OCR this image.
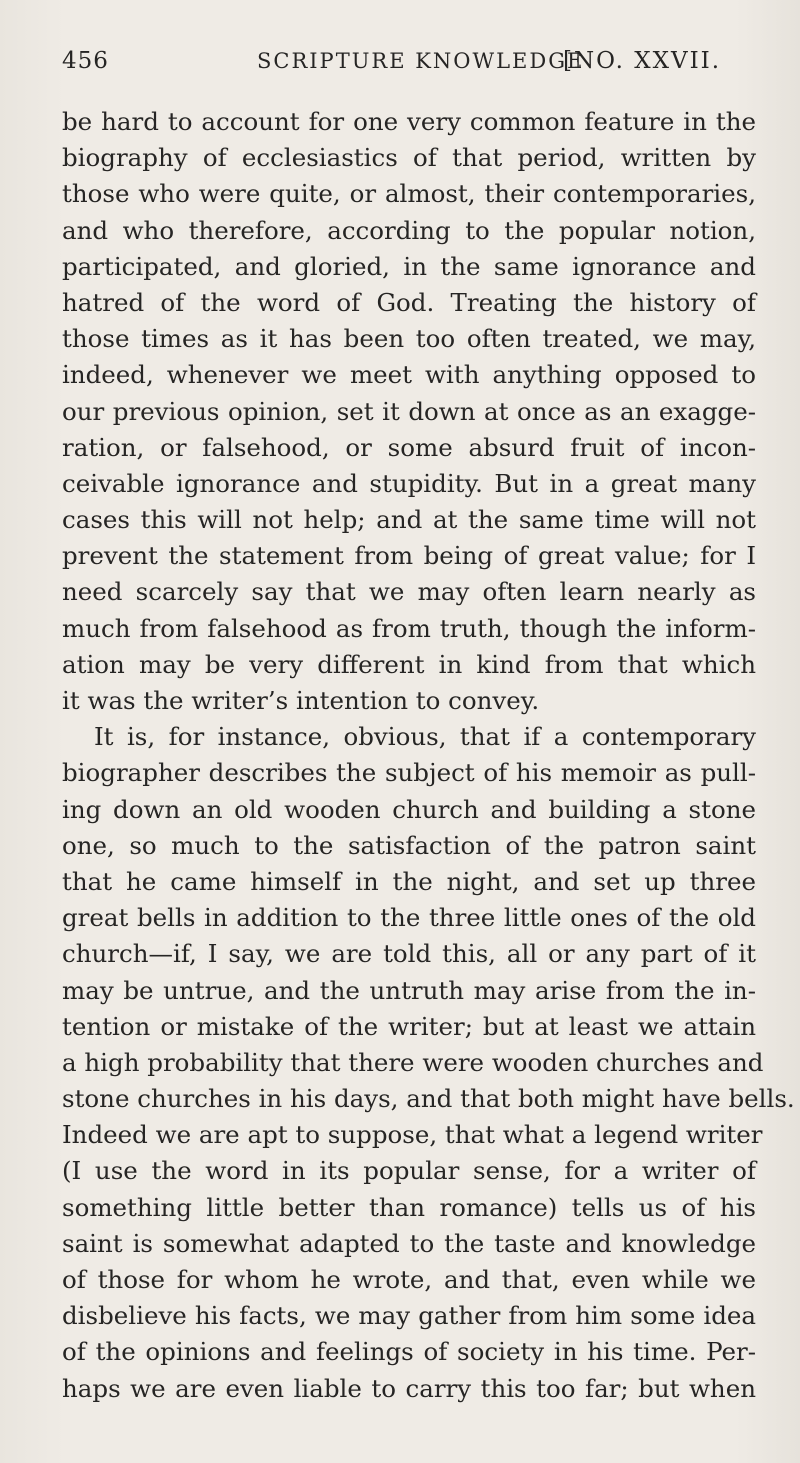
456	SCRIPTURE KNOWLEDGE
[NO. XXVII.
be hard to account for one very common feature in the
biography of ecclesiastics of that period, written by
those who were quite, or almost, their contemporaries,
and who therefore, according to the popular notion,
participated, and gloried, in the same ignorance and
hatred of the word of God. Treating the history of
those times as it has been too often treated, we may,
indeed, whenever we meet with anything opposed to
our previous opinion, set it down at once as an exagge-
ration, or falsehood, or some absurd fruit of incon-
ceivable ignorance and stupidity. But in a great many
cases this will not help; and at the same time will not
prevent the statement from being of great value; for I
need scarcely say that we may often learn nearly as
much from falsehood as from truth, though the inform-
ation may be very different in kind from that which
it was the writer’s intention to convey.
It is, for instance, obvious, that if a contemporary
biographer describes the subject of his memoir as pull-
ing down an old wooden church and building a stone
one, so much to the satisfaction of the patron saint
that he came himself in the night, and set up three
great bells in addition to the three little ones of the old
church—if, I say, we are told this, all or any part of it
may be untrue, and the untruth may arise from the in-
tention or mistake of the writer; but at least we attain
a high probability that there were wooden churches and
stone churches in his days, and that both might have bells.
Indeed we are apt to suppose, that what a legend writer
(I use the word in its popular sense, for a writer of
something little better than romance) tells us of his
saint is somewhat adapted to the taste and knowledge
of those for whom he wrote, and that, even while we
disbelieve his facts, we may gather from him some idea
of the opinions and feelings of society in his time. Per-
haps we are even liable to carry this too far; but when
